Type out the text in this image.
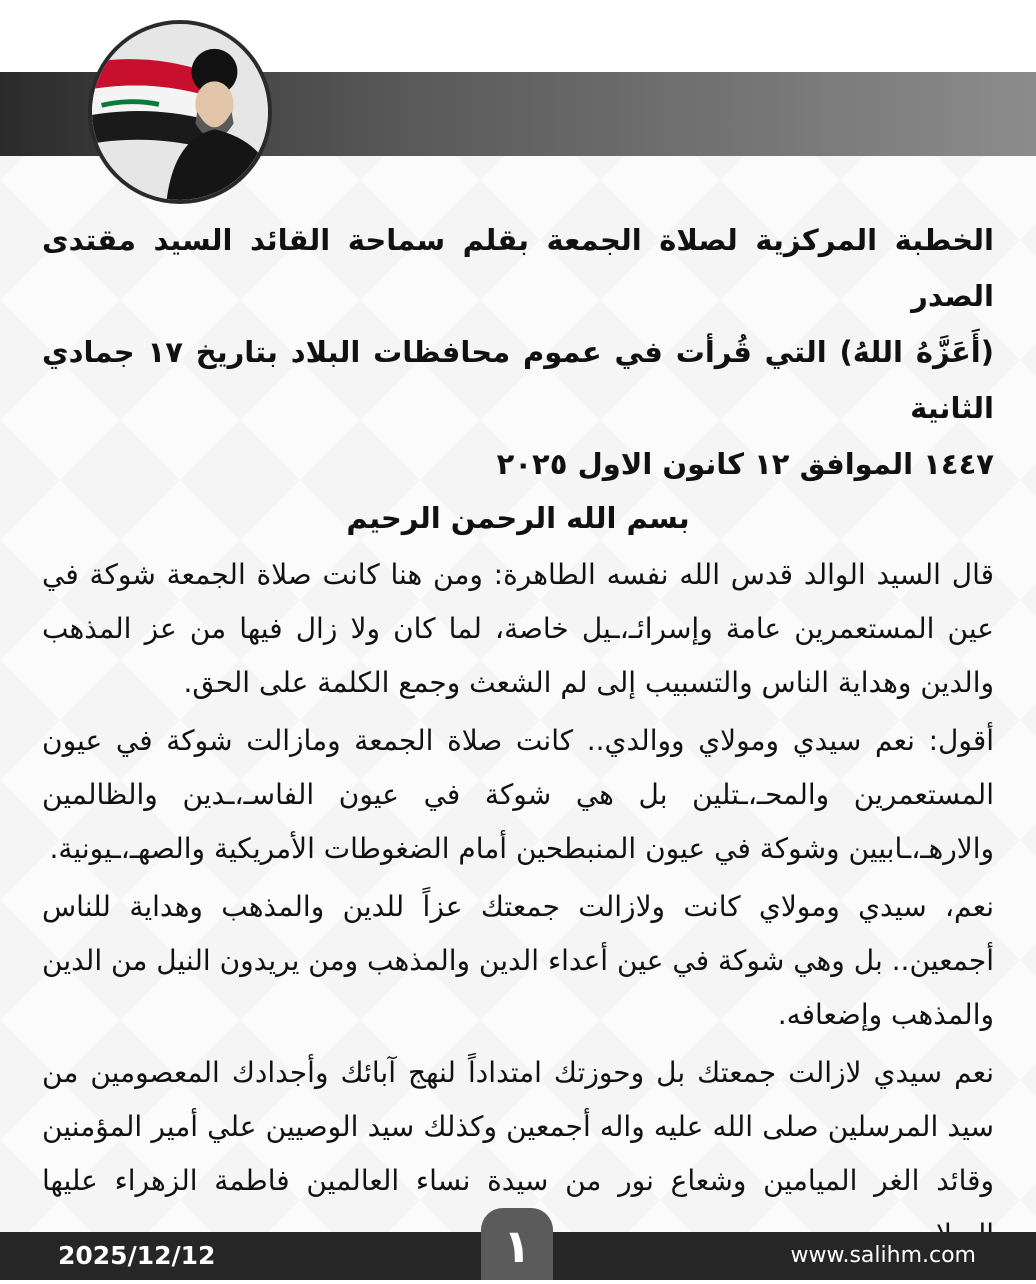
الخطبة المركزية لصلاة الجمعة بقلم سماحة القائد السيد مقتدى الصدر
(أَعَزَّهُ اللهُ) التي قُرأت في عموم محافظات البلاد بتاريخ ١٧ جمادي الثانية
١٤٤٧ الموافق ١٢ كانون الاول ٢٠٢٥

بسم الله الرحمن الرحيم

قال السيد الوالد قدس الله نفسه الطاهرة: ومن هنا كانت صلاة الجمعة شوكة في عين المستعمرين عامة وإسرائـ،ـيل خاصة، لما كان ولا زال فيها من عز المذهب والدين وهداية الناس والتسبيب إلى لم الشعث وجمع الكلمة على الحق.

أقول: نعم سيدي ومولاي ووالدي.. كانت صلاة الجمعة ومازالت شوكة في عيون المستعمرين والمحـ،ـتلين بل هي شوكة في عيون الفاسـ،ـدين والظالمين والارهـ،ـابيين وشوكة في عيون المنبطحين أمام الضغوطات الأمريكية والصهـ،ـيونية.

نعم، سيدي ومولاي كانت ولازالت جمعتك عزاً للدين والمذهب وهداية للناس أجمعين.. بل وهي شوكة في عين أعداء الدين والمذهب ومن يريدون النيل من الدين والمذهب وإضعافه.

نعم سيدي لازالت جمعتك بل وحوزتك امتداداً لنهج آبائك وأجدادك المعصومين من سيد المرسلين صلى الله عليه واله أجمعين وكذلك سيد الوصيين علي أمير المؤمنين وقائد الغر الميامين وشعاع نور من سيدة نساء العالمين فاطمة الزهراء عليها

2025/12/12	١	www.salihm.com
